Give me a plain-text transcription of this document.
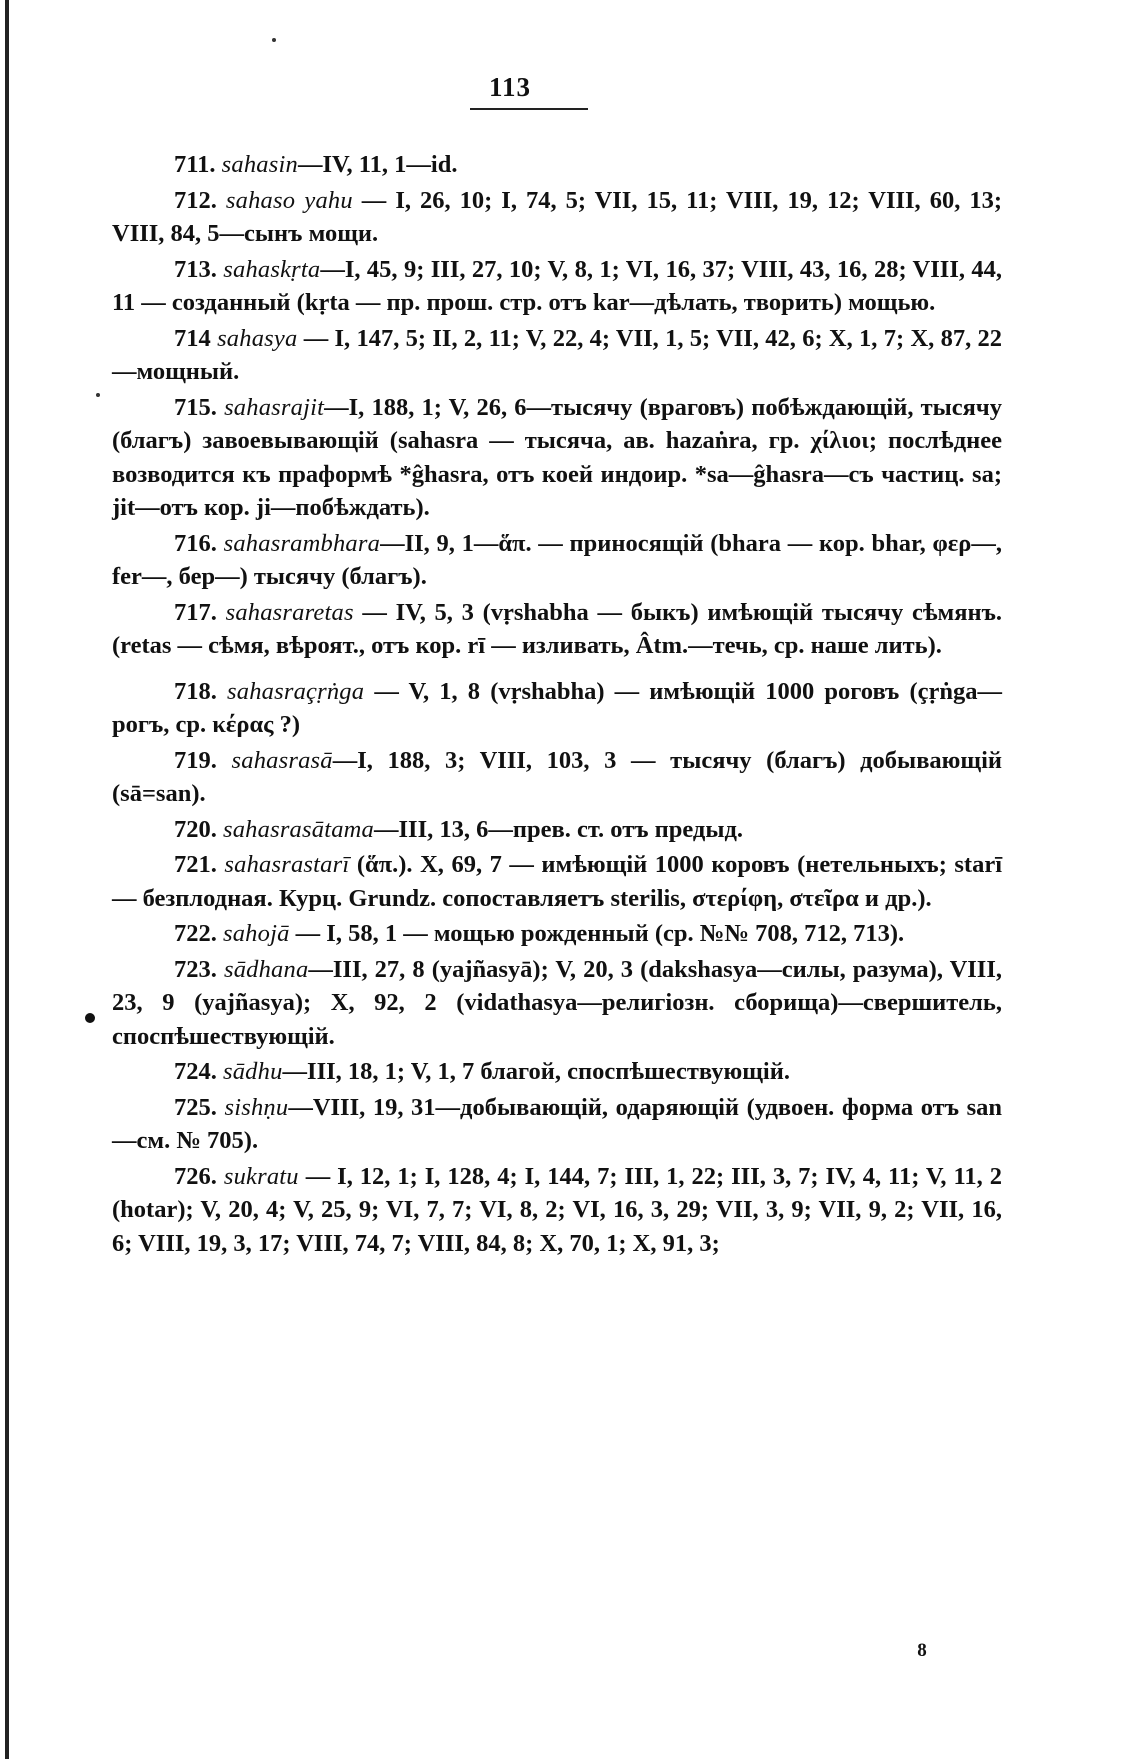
113

711. sahasin—IV, 11, 1—id.

712. sahaso yahu — I, 26, 10; I, 74, 5; VII, 15, 11; VIII, 19, 12; VIII, 60, 13; VIII, 84, 5—сынъ мощи.

713. sahaskṛta—I, 45, 9; III, 27, 10; V, 8, 1; VI, 16, 37; VIII, 43, 16, 28; VIII, 44, 11 — созданный (kṛta — пр. прош. стр. отъ kar—дѣлать, творить) мощью.

714 sahasya — I, 147, 5; II, 2, 11; V, 22, 4; VII, 1, 5; VII, 42, 6; X, 1, 7; X, 87, 22—мощный.

715. sahasrajit—I, 188, 1; V, 26, 6—тысячу (враговъ) побѣждающій, тысячу (благъ) завоевывающій (sahasra — тысяча, ав. hazaṅra, гр. χίλιοι; послѣднее возводится къ праформѣ *ĝhasra, отъ коей индоир. *sa—ĝhasra—съ частиц. sa; jit—отъ кор. ji—побѣждать).

716. sahasrambhara—II, 9, 1—ἅπ. — приносящій (bhara — кор. bhar, φερ—, fer—, бер—) тысячу (благъ).

717. sahasraretas — IV, 5, 3 (vṛshabha — быкъ) имѣющій тысячу сѣмянъ. (retas — сѣмя, вѣроят., отъ кор. rī — изливать, Âtm.—течь, ср. наше лить).

718. sahasraçṛṅga — V, 1, 8 (vṛshabha) — имѣющій 1000 роговъ (çṛṅga—рогъ, ср. κέρας ?)

719. sahasrasā—I, 188, 3; VIII, 103, 3 — тысячу (благъ) добывающій (sā=san).

720. sahasrasātama—III, 13, 6—прев. ст. отъ предыд.

721. sahasrastarī (ἅπ.). X, 69, 7 — имѣющій 1000 коровъ (нетельныхъ; starī — безплодная. Курц. Grundz. сопоставляетъ sterilis, στερίφη, στεῖρα и др.).

722. sahojā — I, 58, 1 — мощью рожденный (ср. №№ 708, 712, 713).

723. sādhana—III, 27, 8 (yajñasyā); V, 20, 3 (dakshasya—силы, разума), VIII, 23, 9 (yajñasya); X, 92, 2 (vidathasya—религіозн. сборища)—свершитель, споспѣшествующій.

724. sādhu—III, 18, 1; V, 1, 7 благой, споспѣшествующій.

725. sishṇu—VIII, 19, 31—добывающій, одаряющій (удвоен. форма отъ san—см. № 705).

726. sukratu — I, 12, 1; I, 128, 4; I, 144, 7; III, 1, 22; III, 3, 7; IV, 4, 11; V, 11, 2 (hotar); V, 20, 4; V, 25, 9; VI, 7, 7; VI, 8, 2; VI, 16, 3, 29; VII, 3, 9; VII, 9, 2; VII, 16, 6; VIII, 19, 3, 17; VIII, 74, 7; VIII, 84, 8; X, 70, 1; X, 91, 3;

8
